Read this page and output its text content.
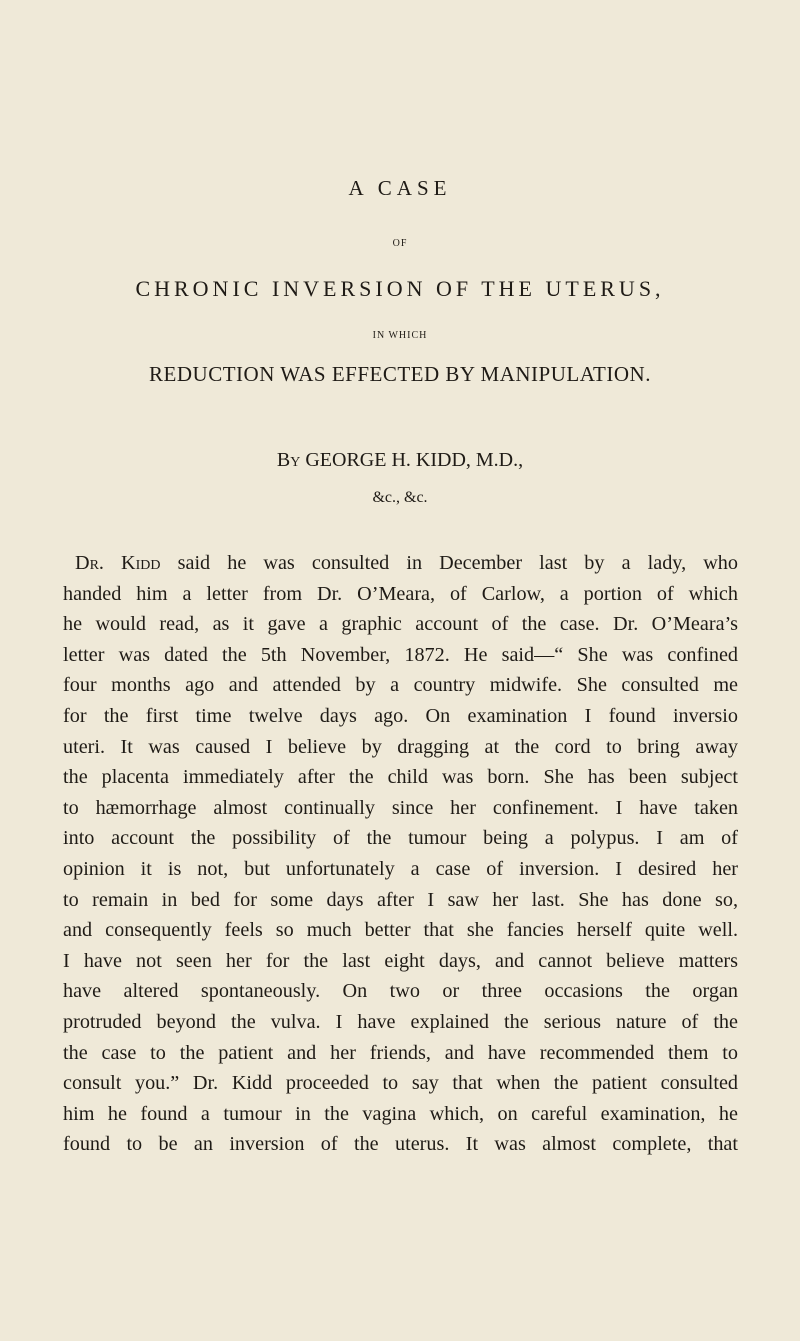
A CASE
OF
CHRONIC INVERSION OF THE UTERUS,
IN WHICH
REDUCTION WAS EFFECTED BY MANIPULATION.
By GEORGE H. KIDD, M.D.,
&c., &c.
Dr. Kidd said he was consulted in December last by a lady, who
handed him a letter from Dr. O’Meara, of Carlow, a portion of which
he would read, as it gave a graphic account of the case. Dr. O’Meara’s
letter was dated the 5th November, 1872. He said—“ She was confined
four months ago and attended by a country midwife. She consulted me
for the first time twelve days ago. On examination I found inversio
uteri. It was caused I believe by dragging at the cord to bring away
the placenta immediately after the child was born. She has been subject
to hæmorrhage almost continually since her confinement. I have taken
into account the possibility of the tumour being a polypus. I am of
opinion it is not, but unfortunately a case of inversion. I desired her
to remain in bed for some days after I saw her last. She has done so,
and consequently feels so much better that she fancies herself quite well.
I have not seen her for the last eight days, and cannot believe matters
have altered spontaneously. On two or three occasions the organ
protruded beyond the vulva. I have explained the serious nature of the
the case to the patient and her friends, and have recommended them to
consult you.” Dr. Kidd proceeded to say that when the patient consulted
him he found a tumour in the vagina which, on careful examination, he
found to be an inversion of the uterus. It was almost complete, that
